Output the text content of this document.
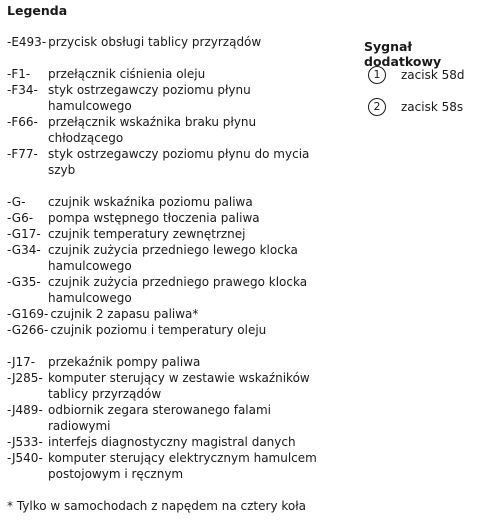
Legenda
Sygnał dodatkowy
-E493- przycisk obsługi tablicy przyrządów
-F1- przełącznik ciśnienia oleju
-F34- styk ostrzegawczy poziomu płynu
hamulcowego
-F66- przełącznik wskaźnika braku płynu
chłodzącego
-F77- styk ostrzegawczy poziomu płynu do mycia
szyb
-G- czujnik wskaźnika poziomu paliwa
-G6- pompa wstępnego tłoczenia paliwa
-G17- czujnik temperatury zewnętrznej
-G34- czujnik zużycia przedniego lewego klocka
hamulcowego
-G35- czujnik zużycia przedniego prawego klocka
hamulcowego
-G169- czujnik 2 zapasu paliwa*
-G266- czujnik poziomu i temperatury oleju
-J17- przekaźnik pompy paliwa
-J285- komputer sterujący w zestawie wskaźników
tablicy przyrządów
-J489- odbiornik zegara sterowanego falami
radiowymi
-J533- interfejs diagnostyczny magistral danych
-J540- komputer sterujący elektrycznym hamulcem
postojowym i ręcznym
1	zacisk 58d
2	zacisk 58s
* Tylko w samochodach z napędem na cztery koła
